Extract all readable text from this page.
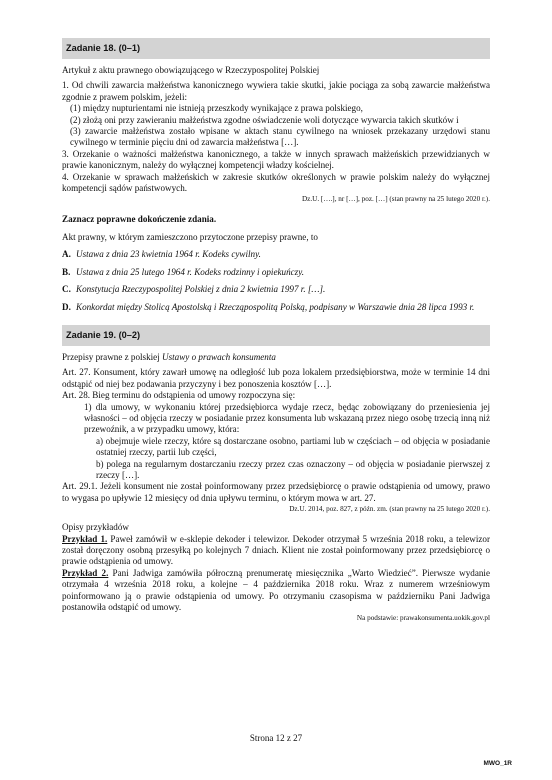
Zadanie 18. (0–1)

Artykuł z aktu prawnego obowiązującego w Rzeczypospolitej Polskiej

1. Od chwili zawarcia małżeństwa kanonicznego wywiera takie skutki, jakie pociąga za sobą zawarcie małżeństwa zgodnie z prawem polskim, jeżeli:

(1) między nupturientami nie istnieją przeszkody wynikające z prawa polskiego,

(2) złożą oni przy zawieraniu małżeństwa zgodne oświadczenie woli dotyczące wywarcia takich skutków i

(3) zawarcie małżeństwa zostało wpisane w aktach stanu cywilnego na wniosek przekazany urzędowi stanu cywilnego w terminie pięciu dni od zawarcia małżeństwa […].

3. Orzekanie o ważności małżeństwa kanonicznego, a także w innych sprawach małżeńskich przewidzianych w prawie kanonicznym, należy do wyłącznej kompetencji władzy kościelnej.

4. Orzekanie w sprawach małżeńskich w zakresie skutków określonych w prawie polskim należy do wyłącznej kompetencji sądów państwowych.

Dz.U. [….], nr […], poz. […] (stan prawny na 25 lutego 2020 r.).

Zaznacz poprawne dokończenie zdania.

Akt prawny, w którym zamieszczono przytoczone przepisy prawne, to

A. Ustawa z dnia 23 kwietnia 1964 r. Kodeks cywilny.
B. Ustawa z dnia 25 lutego 1964 r. Kodeks rodzinny i opiekuńczy.
C. Konstytucja Rzeczypospolitej Polskiej z dnia 2 kwietnia 1997 r. […].
D. Konkordat między Stolicą Apostolską i Rzecząpospolitą Polską, podpisany w Warszawie dnia 28 lipca 1993 r.
Zadanie 19. (0–2)

Przepisy prawne z polskiej Ustawy o prawach konsumenta

Art. 27. Konsument, który zawarł umowę na odległość lub poza lokalem przedsiębiorstwa, może w terminie 14 dni odstąpić od niej bez podawania przyczyny i bez ponoszenia kosztów […].

Art. 28. Bieg terminu do odstąpienia od umowy rozpoczyna się:

1) dla umowy, w wykonaniu której przedsiębiorca wydaje rzecz, będąc zobowiązany do przeniesienia jej własności – od objęcia rzeczy w posiadanie przez konsumenta lub wskazaną przez niego osobę trzecią inną niż przewoźnik, a w przypadku umowy, która:

a) obejmuje wiele rzeczy, które są dostarczane osobno, partiami lub w częściach – od objęcia w posiadanie ostatniej rzeczy, partii lub części,

b) polega na regularnym dostarczaniu rzeczy przez czas oznaczony – od objęcia w posiadanie pierwszej z rzeczy […].

Art. 29.1. Jeżeli konsument nie został poinformowany przez przedsiębiorcę o prawie odstąpienia od umowy, prawo to wygasa po upływie 12 miesięcy od dnia upływu terminu, o którym mowa w art. 27.

Dz.U. 2014, poz. 827, z późn. zm. (stan prawny na 25 lutego 2020 r.).

Opisy przykładów

Przykład 1. Paweł zamówił w e-sklepie dekoder i telewizor. Dekoder otrzymał 5 września 2018 roku, a telewizor został doręczony osobną przesyłką po kolejnych 7 dniach. Klient nie został poinformowany przez przedsiębiorcę o prawie odstąpienia od umowy.

Przykład 2. Pani Jadwiga zamówiła półroczną prenumeratę miesięcznika „Warto Wiedzieć”. Pierwsze wydanie otrzymała 4 września 2018 roku, a kolejne – 4 października 2018 roku. Wraz z numerem wrześniowym poinformowano ją o prawie odstąpienia od umowy. Po otrzymaniu czasopisma w październiku Pani Jadwiga postanowiła odstąpić od umowy.

Na podstawie: prawakonsumenta.uokik.gov.pl

Strona 12 z 27
MWO_1R
